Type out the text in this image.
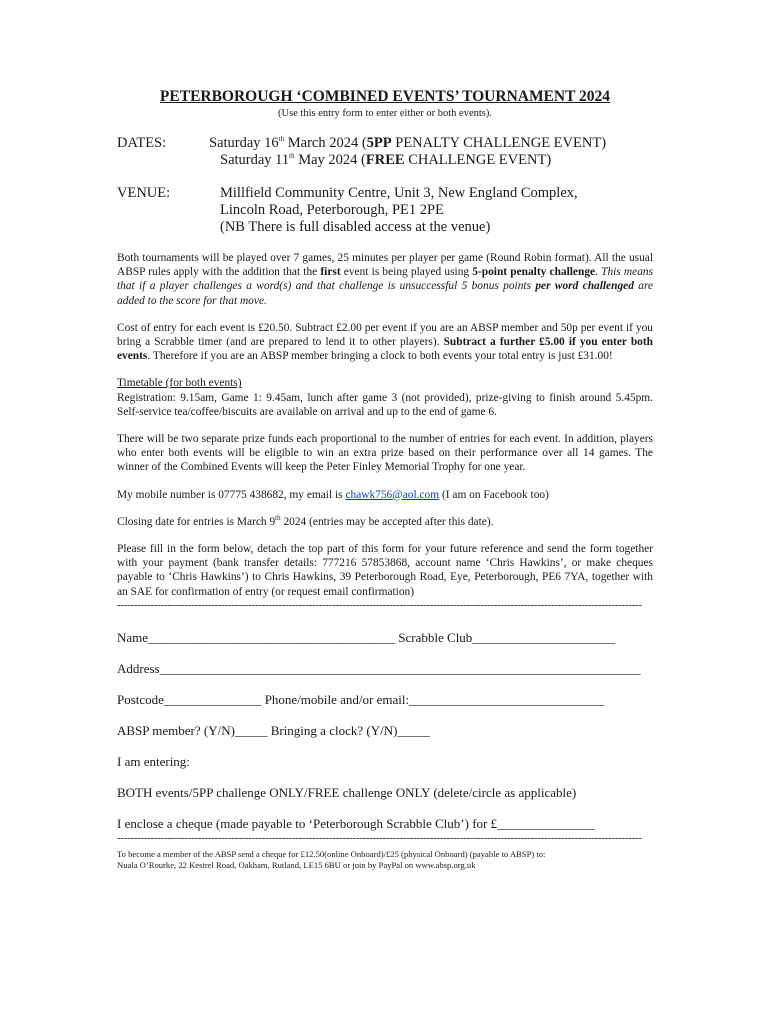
PETERBOROUGH ‘COMBINED EVENTS’ TOURNAMENT 2024
(Use this entry form to enter either or both events).
DATES:	Saturday 16th March 2024 (5PP PENALTY CHALLENGE EVENT)
Saturday 11th May 2024 (FREE CHALLENGE EVENT)
VENUE:	Millfield Community Centre, Unit 3, New England Complex,
Lincoln Road, Peterborough, PE1 2PE
(NB There is full disabled access at the venue)

Both tournaments will be played over 7 games, 25 minutes per player per game (Round Robin format). All the usual ABSP rules apply with the addition that the first event is being played using 5-point penalty challenge. This means that if a player challenges a word(s) and that challenge is unsuccessful 5 bonus points per word challenged are added to the score for that move.

Cost of entry for each event is £20.50. Subtract £2.00 per event if you are an ABSP member and 50p per event if you bring a Scrabble timer (and are prepared to lend it to other players). Subtract a further £5.00 if you enter both events. Therefore if you are an ABSP member bringing a clock to both events your total entry is just £31.00!

Timetable (for both events)
Registration: 9.15am, Game 1: 9.45am, lunch after game 3 (not provided), prize-giving to finish around 5.45pm. Self-service tea/coffee/biscuits are available on arrival and up to the end of game 6.

There will be two separate prize funds each proportional to the number of entries for each event. In addition, players who enter both events will be eligible to win an extra prize based on their performance over all 14 games. The winner of the Combined Events will keep the Peter Finley Memorial Trophy for one year.

My mobile number is 07775 438682, my email is chawk756@aol.com (I am on Facebook too)

Closing date for entries is March 9th 2024 (entries may be accepted after this date).

Please fill in the form below, detach the top part of this form for your future reference and send the form together with your payment (bank transfer details: 777216 57853868, account name ‘Chris Hawkins’, or make cheques payable to ‘Chris Hawkins’) to Chris Hawkins, 39 Peterborough Road, Eye, Peterborough, PE6 7YA, together with an SAE for confirmation of entry (or request email confirmation)

------------------------------------------------------------------------------------------------------------------------------------------------------------
Name______________________________________ Scrabble Club______________________
Address__________________________________________________________________________
Postcode_______________ Phone/mobile and/or email:______________________________
ABSP member? (Y/N)_____ Bringing a clock? (Y/N)_____
I am entering:
BOTH events/5PP challenge ONLY/FREE challenge ONLY (delete/circle as applicable)
I enclose a cheque (made payable to ‘Peterborough Scrabble Club’) for £_______________
------------------------------------------------------------------------------------------------------------------------------------------------------------
To become a member of the ABSP send a cheque for £12.50(online Onboard)/£25 (physical Onboard) (payable to ABSP) to:
Nuala O’Rourke, 22 Kestrel Road, Oakham, Rutland, LE15 6BU or join by PayPal on www.absp.org.uk
